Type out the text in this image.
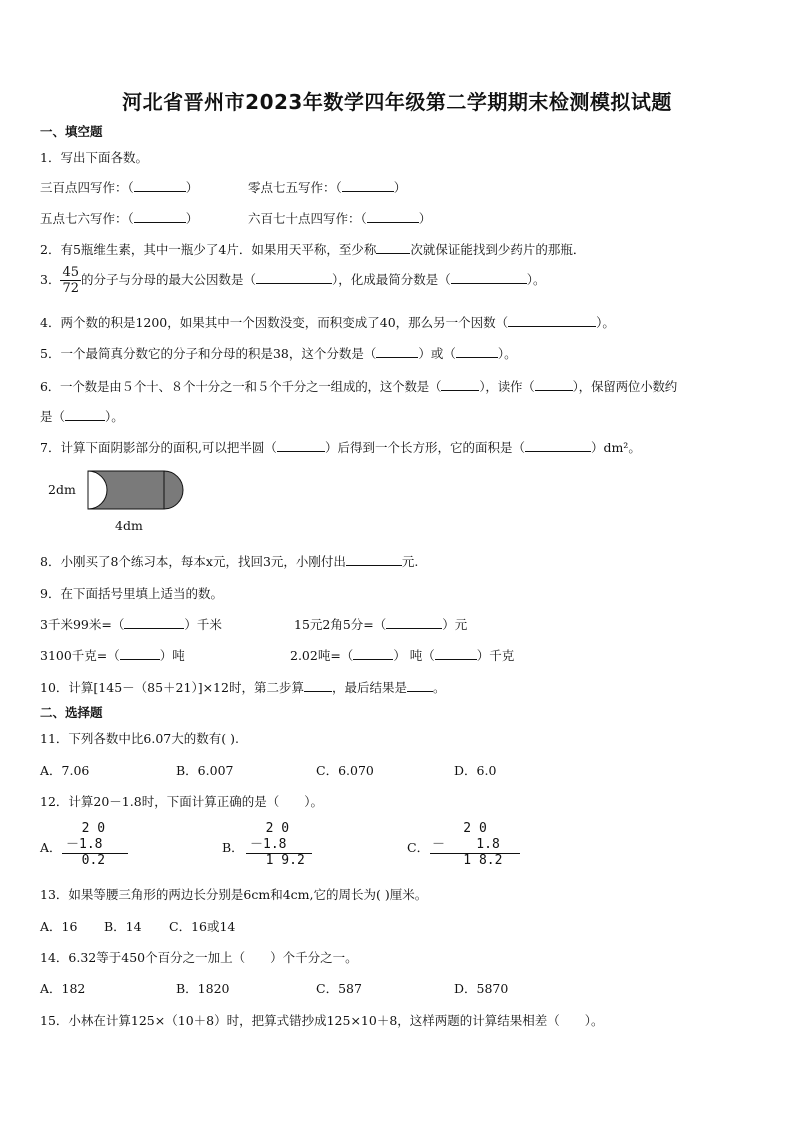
河北省晋州市2023年数学四年级第二学期期末检测模拟试题
一、填空题
1．写出下面各数。
三百点四写作：（	）	零点七五写作：（	）
五点七六写作：（	）	六百七十点四写作：（	）
2．有5瓶维生素，其中一瓶少了4片．如果用天平称，至少称	次就保证能找到少药片的那瓶．
3． $\frac{45}{72}$ 的分子与分母的最大公因数是（	），化成最简分数是（	）。
4．两个数的积是1200，如果其中一个因数没变，而积变成了40，那么另一个因数（	）。
5．一个最简真分数它的分子和分母的积是38，这个分数是（	）或（	）。
6．一个数是由５个十、８个十分之一和５个千分之一组成的，这个数是（	），读作（	），保留两位小数约
是（	）。
7．计算下面阴影部分的面积,可以把半圆（	）后得到一个长方形，它的面积是（	）dm²。
2dm
4dm
8．小刚买了8个练习本，每本x元，找回3元，小刚付出	元.
9．在下面括号里填上适当的数。
3千米99米=（	）千米	15元2角5分=（	）元
3100千克=（	）吨	2.02吨=（	） 吨（	）千克
10．计算[145－（85＋21）]×12时，第二步算 ，最后结果是 。
二、选择题
11．下列各数中比6.07大的数有( ).
A．7.06	B．6.007	C．6.070	D．6.0
12．计算20－1.8时，下面计算正确的是（　　）。
A．
2 0
－1.8
0.2
B．
2 0
－1.8
1 9.2
C．
2 0
－    1.8
1 8.2
13．如果等腰三角形的两边长分别是6cm和4cm,它的周长为( )厘米。
A．16 B．14 C．16或14
14．6.32等于450个百分之一加上（　　）个千分之一。
A．182	B．1820	C．587	D．5870
15．小林在计算125×（10＋8）时，把算式错抄成125×10＋8，这样两题的计算结果相差（　　）。
